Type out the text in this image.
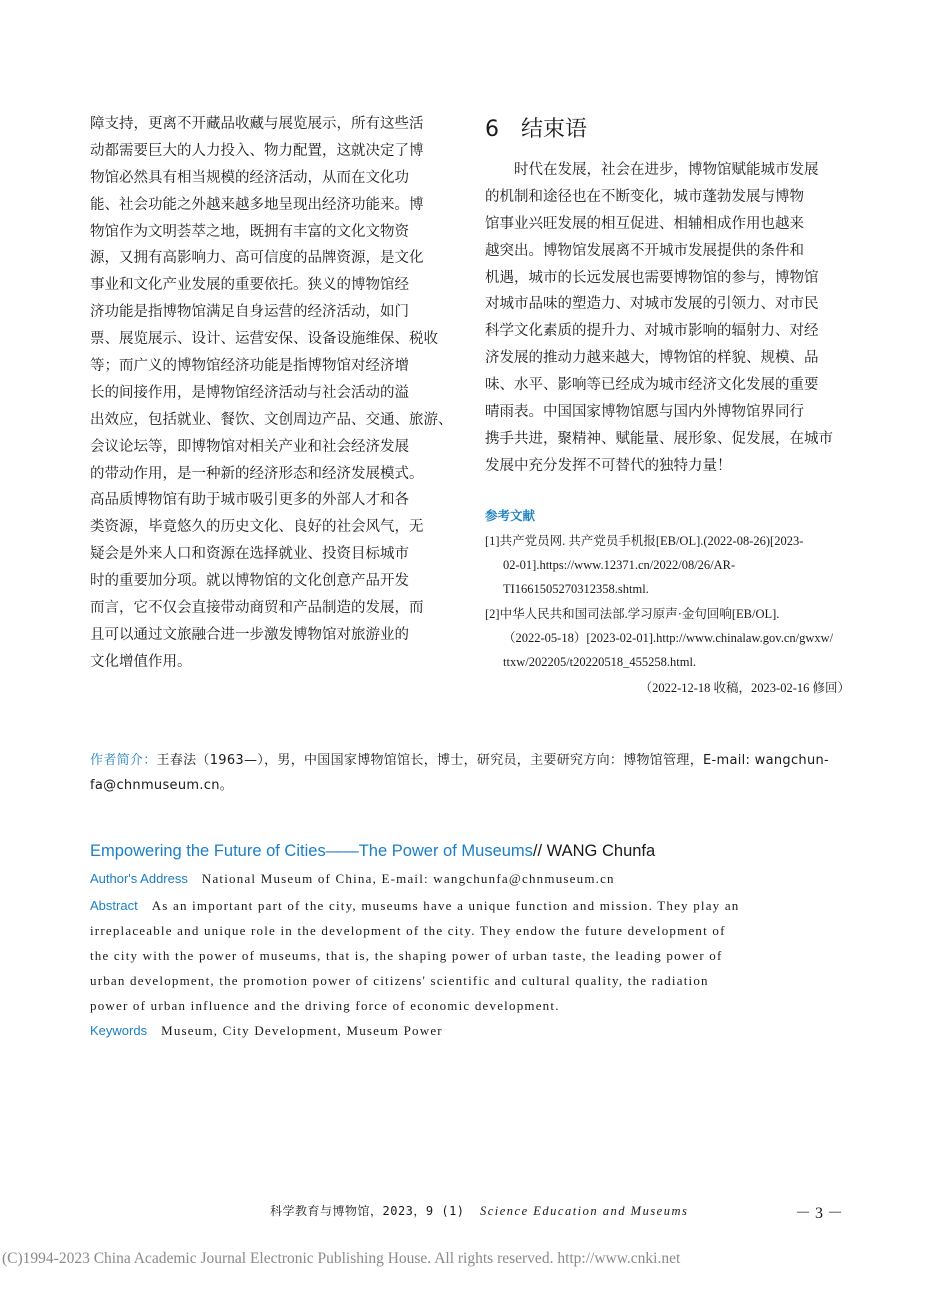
障支持，更离不开藏品收藏与展览展示，所有这些活
动都需要巨大的人力投入、物力配置，这就决定了博
物馆必然具有相当规模的经济活动，从而在文化功
能、社会功能之外越来越多地呈现出经济功能来。博
物馆作为文明荟萃之地，既拥有丰富的文化文物资
源，又拥有高影响力、高可信度的品牌资源，是文化
事业和文化产业发展的重要依托。狭义的博物馆经
济功能是指博物馆满足自身运营的经济活动，如门
票、展览展示、设计、运营安保、设备设施维保、税收
等；而广义的博物馆经济功能是指博物馆对经济增
长的间接作用，是博物馆经济活动与社会活动的溢
出效应，包括就业、餐饮、文创周边产品、交通、旅游、
会议论坛等，即博物馆对相关产业和社会经济发展
的带动作用，是一种新的经济形态和经济发展模式。
高品质博物馆有助于城市吸引更多的外部人才和各
类资源，毕竟悠久的历史文化、良好的社会风气，无
疑会是外来人口和资源在选择就业、投资目标城市
时的重要加分项。就以博物馆的文化创意产品开发
而言，它不仅会直接带动商贸和产品制造的发展，而
且可以通过文旅融合进一步激发博物馆对旅游业的
文化增值作用。
6　结束语
　　时代在发展，社会在进步，博物馆赋能城市发展
的机制和途径也在不断变化，城市蓬勃发展与博物
馆事业兴旺发展的相互促进、相辅相成作用也越来
越突出。博物馆发展离不开城市发展提供的条件和
机遇，城市的长远发展也需要博物馆的参与，博物馆
对城市品味的塑造力、对城市发展的引领力、对市民
科学文化素质的提升力、对城市影响的辐射力、对经
济发展的推动力越来越大，博物馆的样貌、规模、品
味、水平、影响等已经成为城市经济文化发展的重要
晴雨表。中国国家博物馆愿与国内外博物馆界同行
携手共进，聚精神、赋能量、展形象、促发展，在城市
发展中充分发挥不可替代的独特力量！
参考文献
[1]共产党员网. 共产党员手机报[EB/OL].(2022-08-26)[2023-
02-01].https://www.12371.cn/2022/08/26/AR-
TI1661505270312358.shtml.
[2]中华人民共和国司法部.学习原声·金句回响[EB/OL].
（2022-05-18）[2023-02-01].http://www.chinalaw.gov.cn/gwxw/
ttxw/202205/t20220518_455258.html.
（2022-12-18 收稿，2023-02-16 修回）
作者简介：王春法（1963—），男，中国国家博物馆馆长，博士，研究员，主要研究方向：博物馆管理，E-mail: wangchun-
fa@chnmuseum.cn。
Empowering the Future of Cities——The Power of Museums// WANG Chunfa
Author's Address National Museum of China, E-mail: wangchunfa@chnmuseum.cn
Abstract As an important part of the city, museums have a unique function and mission. They play an
irreplaceable and unique role in the development of the city. They endow the future development of
the city with the power of museums, that is, the shaping power of urban taste, the leading power of
urban development, the promotion power of citizens' scientific and cultural quality, the radiation
power of urban influence and the driving force of economic development.
Keywords Museum, City Development, Museum Power
科学教育与博物馆，2023，9 (1) Science Education and Museums	－ 3 －
(C)1994-2023 China Academic Journal Electronic Publishing House. All rights reserved. http://www.cnki.net
